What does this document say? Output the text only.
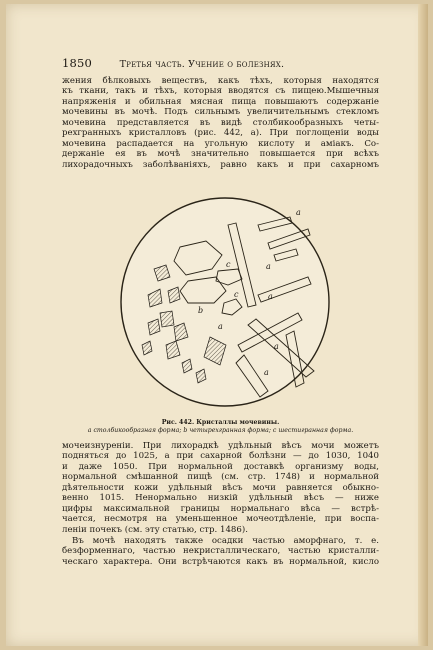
1850	Третья часть. Учение о болезнях.

жения бѣлковыхъ веществъ, какъ тѣхъ, которыя находятся

къ ткани, такъ и тѣхъ, которыя вводятся съ пищею.Мышечныя

напряженія и обильная мясная пища повышаютъ содержаніе

мочевины въ мочѣ. Подъ сильнымъ увеличительнымъ стекломъ

мочевина представляется въ видѣ столбикообразныхъ четы-

рехгранныхъ кристалловъ (рис. 442, а). При поглощеніи воды

мочевина распадается на угольную кислоту и аміакъ. Со-

держаніе ея въ мочѣ значительно повышается при всѣхъ

лихорадочныхъ заболѣваніяхъ, равно какъ и при сахарномъ

a
a
a
a
a
a
b
c
c
Рис. 442. Кристаллы мочевины.
а столбикообразная форма; b четырехгранная форма; с шестигранная форма.

мочеизнуреніи. При лихорадкѣ удѣльный вѣсъ мочи можетъ

подняться до 1025, а при сахарной болѣзни — до 1030, 1040

и даже 1050. При нормальной доставкѣ организму воды,

нормальной смѣшанной пищѣ (см. стр. 1748) и нормальной

дѣятельности кожи удѣльный вѣсъ мочи равняется обыкно-

венно 1015. Ненормально низкій удѣльный вѣсъ — ниже

цифры максимальной границы нормальнаго вѣса — встрѣ-

чается, несмотря на уменьшенное мочеотдѣленіе, при воспа-

леніи почекъ (см. эту статью, стр. 1486).

Въ мочѣ находятъ также осадки частью аморфнаго, т. е.

безформеннаго, частью некристаллическаго, частью кристалли-

ческаго характера. Они встрѣчаются какъ въ нормальной, кисло
